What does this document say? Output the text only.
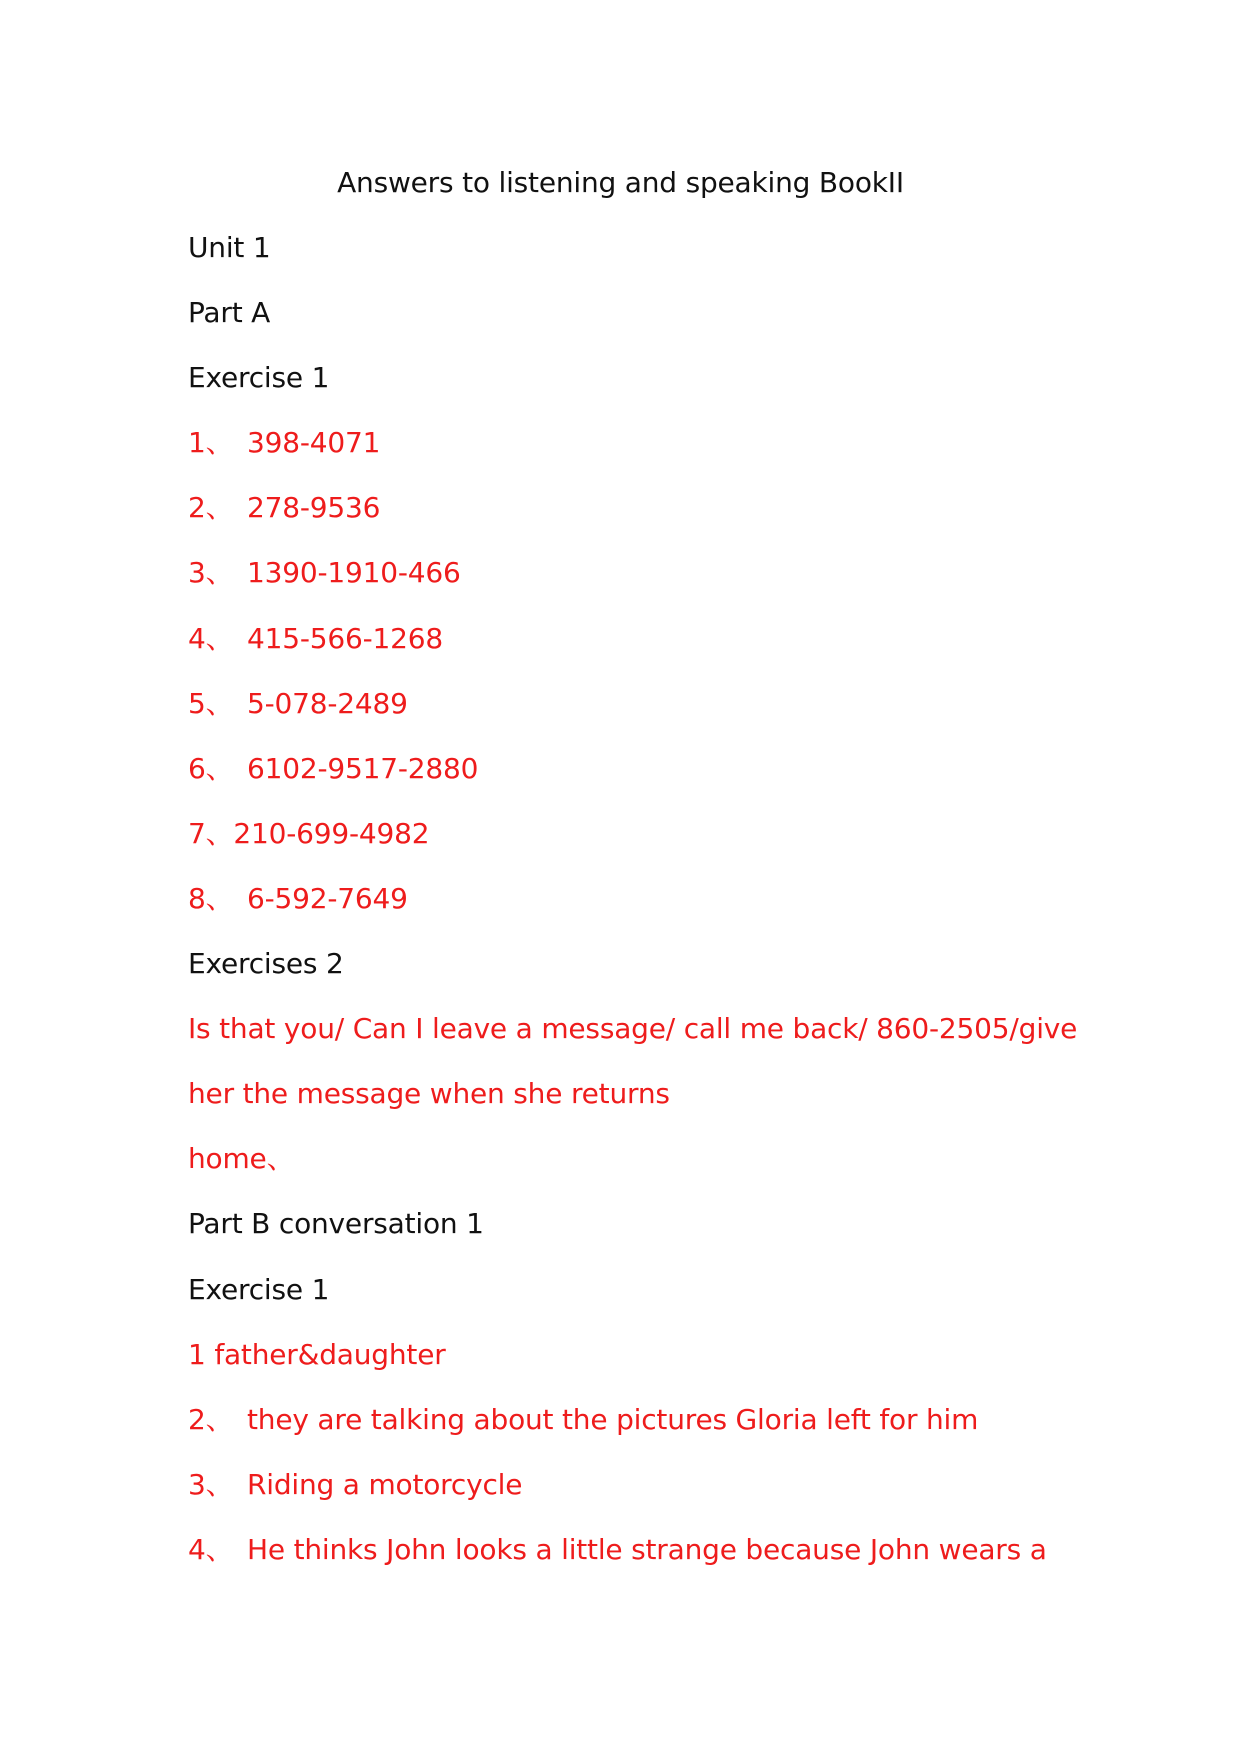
Answers to listening and speaking BookII
Unit 1
Part A
Exercise 1
1、 398-4071
2、 278-9536
3、 1390-1910-466
4、 415-566-1268
5、 5-078-2489
6、 6102-9517-2880
7、210-699-4982
8、 6-592-7649
Exercises 2
Is that you/ Can I leave a message/ call me back/ 860-2505/give
her the message when she returns
home、
Part B conversation 1
Exercise 1
1 father&daughter
2、 they are talking about the pictures Gloria left for him
3、 Riding a motorcycle
4、 He thinks John looks a little strange because John wears a
